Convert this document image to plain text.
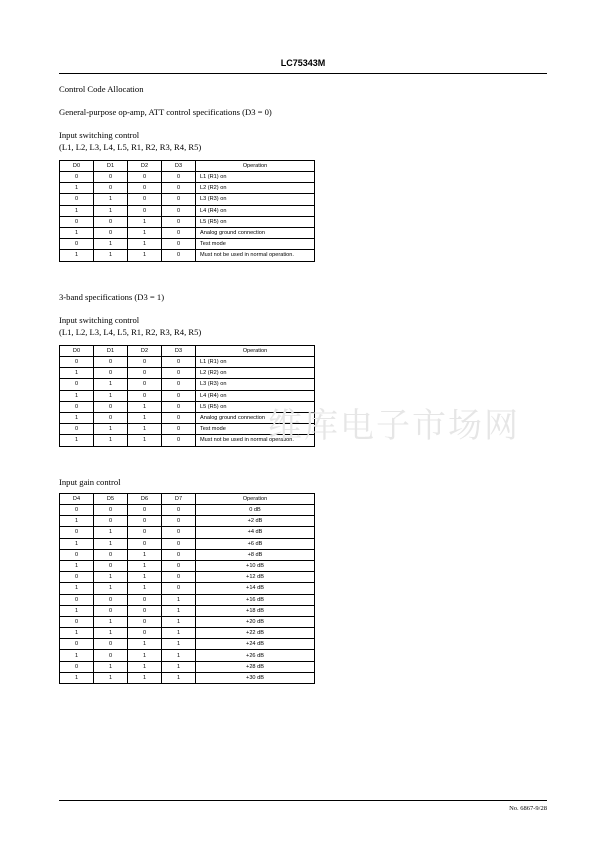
LC75343M
Control Code Allocation
General-purpose op-amp, ATT control specifications (D3 = 0)
Input switching control
(L1, L2, L3, L4, L5, R1, R2, R3, R4, R5)
D0	D1	D2	D3	Operation
0	0	0	0	L1 (R1) on
1	0	0	0	L2 (R2) on
0	1	0	0	L3 (R3) on
1	1	0	0	L4 (R4) on
0	0	1	0	L5 (R5) on
1	0	1	0	Analog ground connection
0	1	1	0	Test mode
1	1	1	0	Must not be used in normal operation.
3-band specifications (D3 = 1)
Input switching control
(L1, L2, L3, L4, L5, R1, R2, R3, R4, R5)
D0	D1	D2	D3	Operation
0	0	0	0	L1 (R1) on
1	0	0	0	L2 (R2) on
0	1	0	0	L3 (R3) on
1	1	0	0	L4 (R4) on
0	0	1	0	L5 (R5) on
1	0	1	0	Analog ground connection
0	1	1	0	Test mode
1	1	1	0	Must not be used in normal operation.
维库电子市场网
Input gain control
D4	D5	D6	D7	Operation
0	0	0	0	0 dB
1	0	0	0	+2 dB
0	1	0	0	+4 dB
1	1	0	0	+6 dB
0	0	1	0	+8 dB
1	0	1	0	+10 dB
0	1	1	0	+12 dB
1	1	1	0	+14 dB
0	0	0	1	+16 dB
1	0	0	1	+18 dB
0	1	0	1	+20 dB
1	1	0	1	+22 dB
0	0	1	1	+24 dB
1	0	1	1	+26 dB
0	1	1	1	+28 dB
1	1	1	1	+30 dB
No. 6867-9/28
